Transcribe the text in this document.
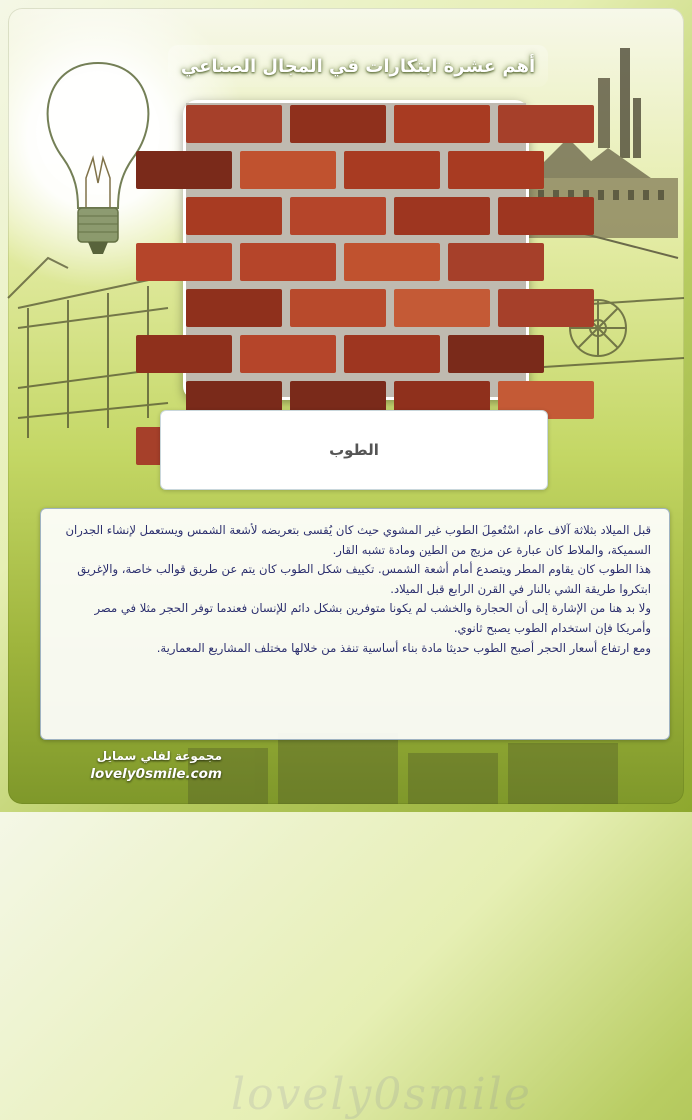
أهم عشرة ابتكارات في المجال الصناعي
الطوب
lovely0smile

قبل الميلاد بثلاثة آلاف عام، اسْتُعمِلَ الطوب غير المشوي حيث كان يُقسى بتعريضه لأشعة الشمس ويستعمل لإنشاء الجدران السميكة، والملاط كان عبارة عن مزيج من الطين ومادة تشبه القار.

هذا الطوب كان يقاوم المطر ويتصدع أمام أشعة الشمس. تكييف شكل الطوب كان يتم عن طريق قوالب خاصة، والإغريق ابتكروا طريقة الشي بالنار في القرن الرابع قبل الميلاد.

ولا بد هنا من الإشارة إلى أن الحجارة والخشب لم يكونا متوفرين بشكل دائم للإنسان فعندما توفر الحجر مثلا في مصر وأمريكا فإن استخدام الطوب يصبح ثانوي.

ومع ارتفاع أسعار الحجر أصبح الطوب حديثا مادة بناء أساسية تنفذ من خلالها مختلف المشاريع المعمارية.

مجموعة لفلي سمايل
lovely0smile.com
